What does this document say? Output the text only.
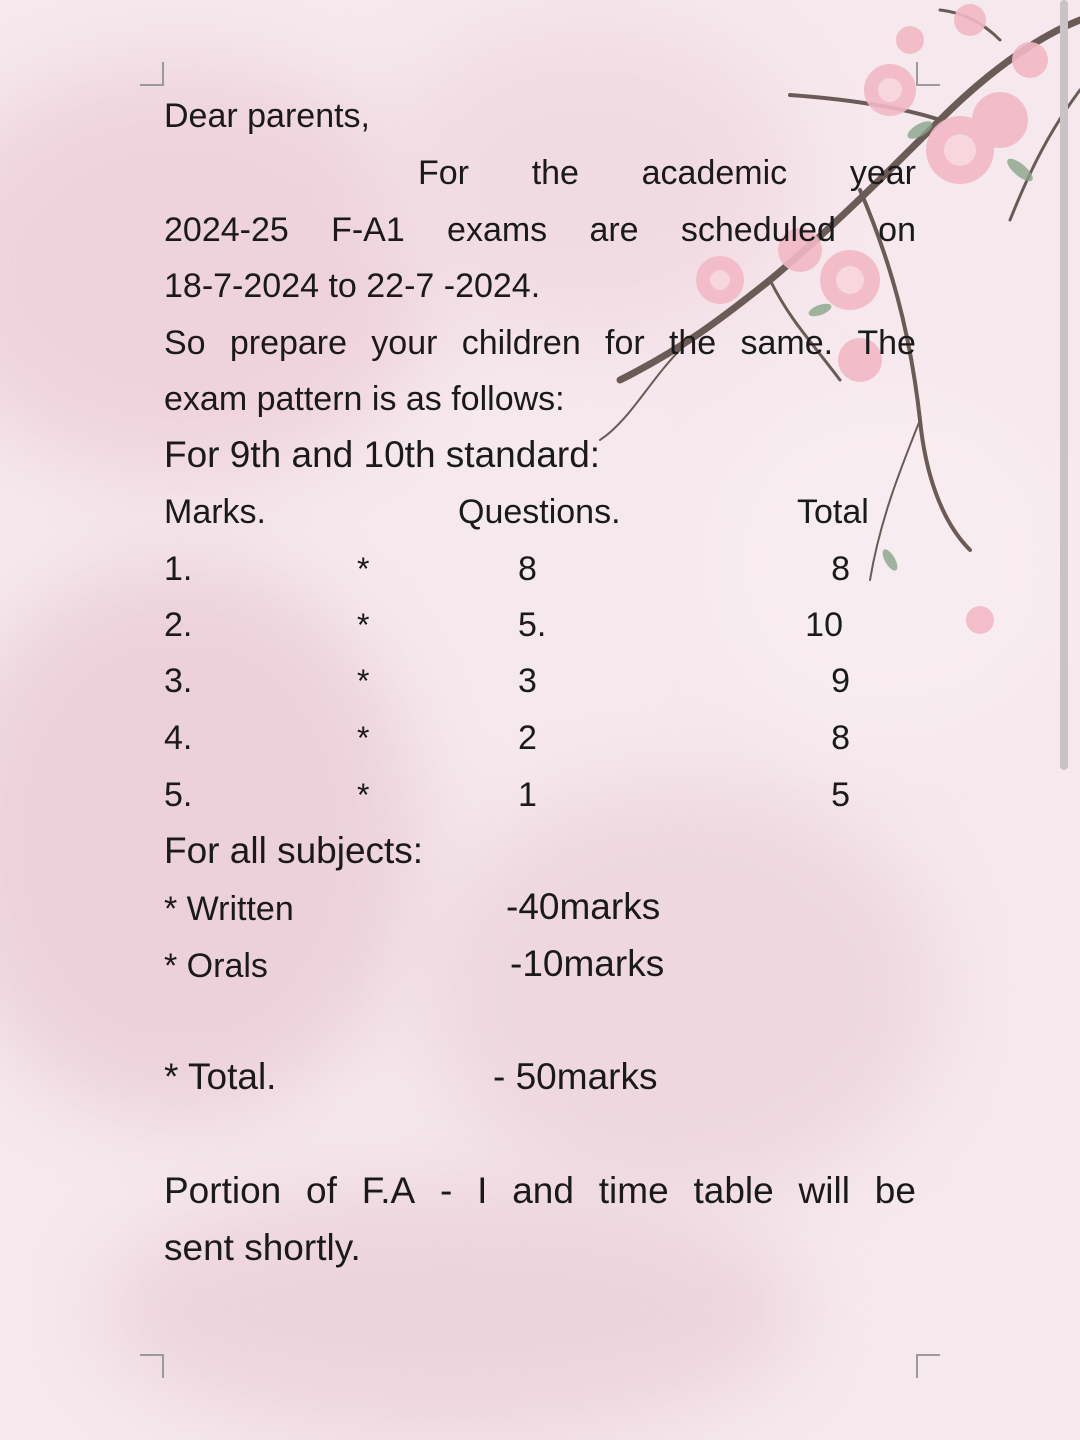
Dear parents,
For the academic year
2024-25 F-A1 exams are scheduled on
18-7-2024 to 22-7 -2024.
So prepare your children for the same. The
exam pattern is as follows:
For 9th and 10th standard:
Marks.	Questions.	Total
1.	*	8	8
2.	*	5.	10
3.	*	3	9
4.	*	2	8
5.	*	1	5
For all subjects:
* Written	-40marks
* Orals	-10marks
* Total.	- 50marks
Portion of F.A - I and time table will be
sent shortly.
